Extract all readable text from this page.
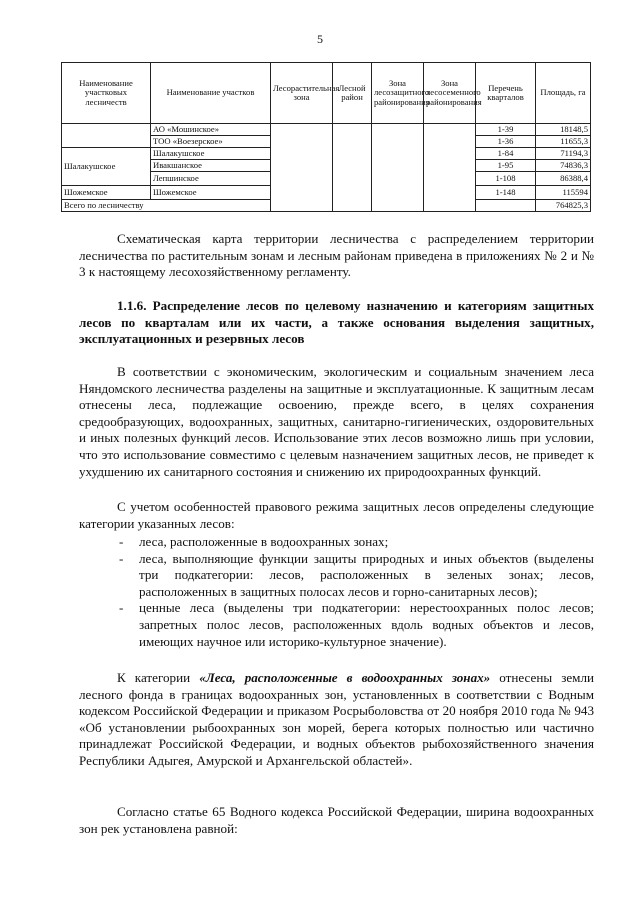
5
Наименование участковых лесничеств	Наименование участков	Лесорастительная зона	Лесной район	Зона лесозащитного районирования	Зона лесосеменного районирования	Перечень кварталов	Площадь, га
	АО «Мошинское»					1-39	18148,5
	ТОО «Воезерское»					1-36	11655,3
Шалакушское	Шалакушское					1-84	71194,3
	Ивакшанское					1-95	74836,3
	Лепшинское					1-108	86388,4
Шожемское	Шожемское					1-148	115594
Всего по лесничеству							764825,3
Схематическая карта территории лесничества с распределением территории лесничества по растительным зонам и лесным районам приведена в приложениях № 2 и № 3 к настоящему лесохозяйственному регламенту.
1.1.6. Распределение лесов по целевому назначению и категориям защитных лесов по кварталам или их части, а также основания выделения защитных, эксплуатационных и резервных лесов
В соответствии с экономическим, экологическим и социальным значением леса Няндомского лесничества разделены на защитные и эксплуатационные. К защитным лесам отнесены леса, подлежащие освоению, прежде всего, в целях сохранения средообразующих, водоохранных, защитных, санитарно-гигиенических, оздоровительных и иных полезных функций лесов. Использование этих лесов возможно лишь при условии, что это использование совместимо с целевым назначением защитных лесов, не приведет к ухудшению их санитарного состояния и снижению их природоохранных функций.
С учетом особенностей правового режима защитных лесов определены следующие категории указанных лесов:
- леса, расположенные в водоохранных зонах;
- леса, выполняющие функции защиты природных и иных объектов (выделены три подкатегории: лесов, расположенных в зеленых зонах; лесов, расположенных в защитных полосах лесов и горно-санитарных лесов);
- ценные леса (выделены три подкатегории: нерестоохранных полос лесов; запретных полос лесов, расположенных вдоль водных объектов и лесов, имеющих научное или историко-культурное значение).
К категории «Леса, расположенные в водоохранных зонах» отнесены земли лесного фонда в границах водоохранных зон, установленных в соответствии с Водным кодексом Российской Федерации и приказом Росрыболовства от 20 ноября 2010 года № 943 «Об установлении рыбоохранных зон морей, берега которых полностью или частично принадлежат Российской Федерации, и водных объектов рыбохозяйственного значения Республики Адыгея, Амурской и Архангельской областей».
Согласно статье 65 Водного кодекса Российской Федерации, ширина водоохранных зон рек установлена равной:
